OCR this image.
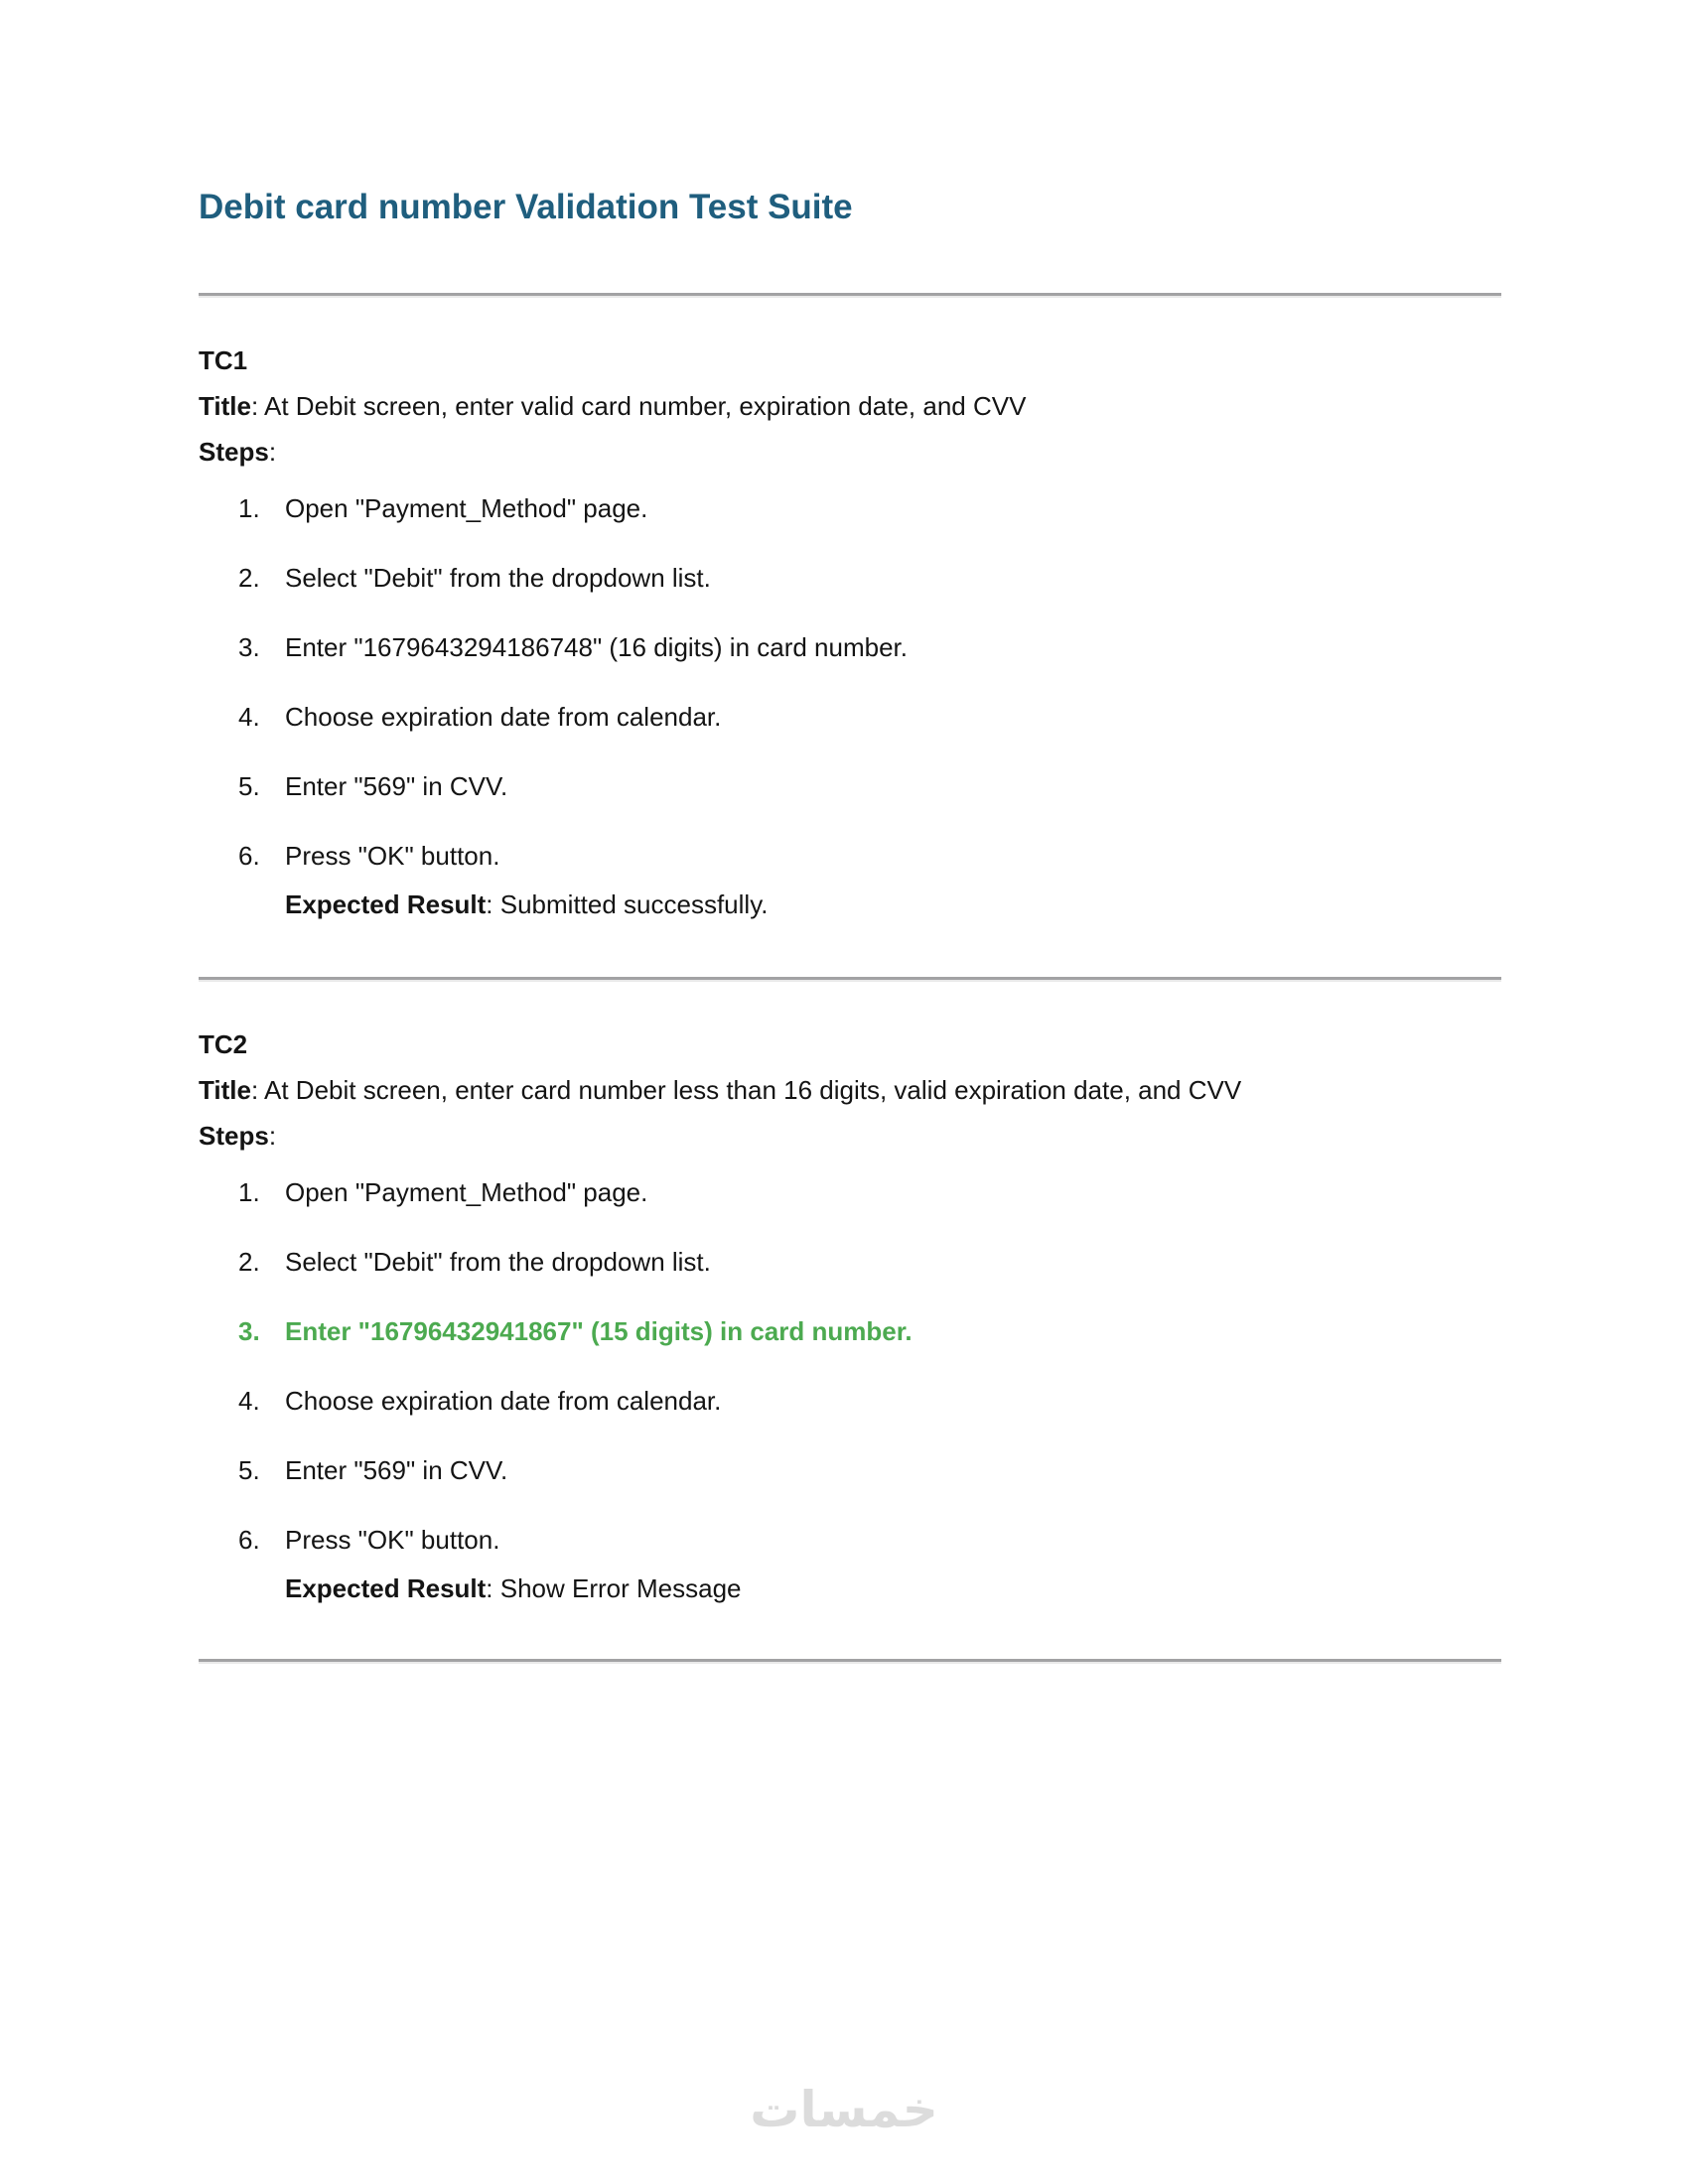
Debit card number Validation Test Suite

TC1

Title: At Debit screen, enter valid card number, expiration date, and CVV

Steps:

1. Open "Payment_Method" page.
2. Select "Debit" from the dropdown list.
3. Enter "1679643294186748" (16 digits) in card number.
4. Choose expiration date from calendar.
5. Enter "569" in CVV.
6. Press "OK" button.

Expected Result: Submitted successfully.

TC2

Title: At Debit screen, enter card number less than 16 digits, valid expiration date, and CVV

Steps:

1. Open "Payment_Method" page.
2. Select "Debit" from the dropdown list.
3. Enter "16796432941867" (15 digits) in card number.
4. Choose expiration date from calendar.
5. Enter "569" in CVV.
6. Press "OK" button.

Expected Result: Show Error Message

خمسات
